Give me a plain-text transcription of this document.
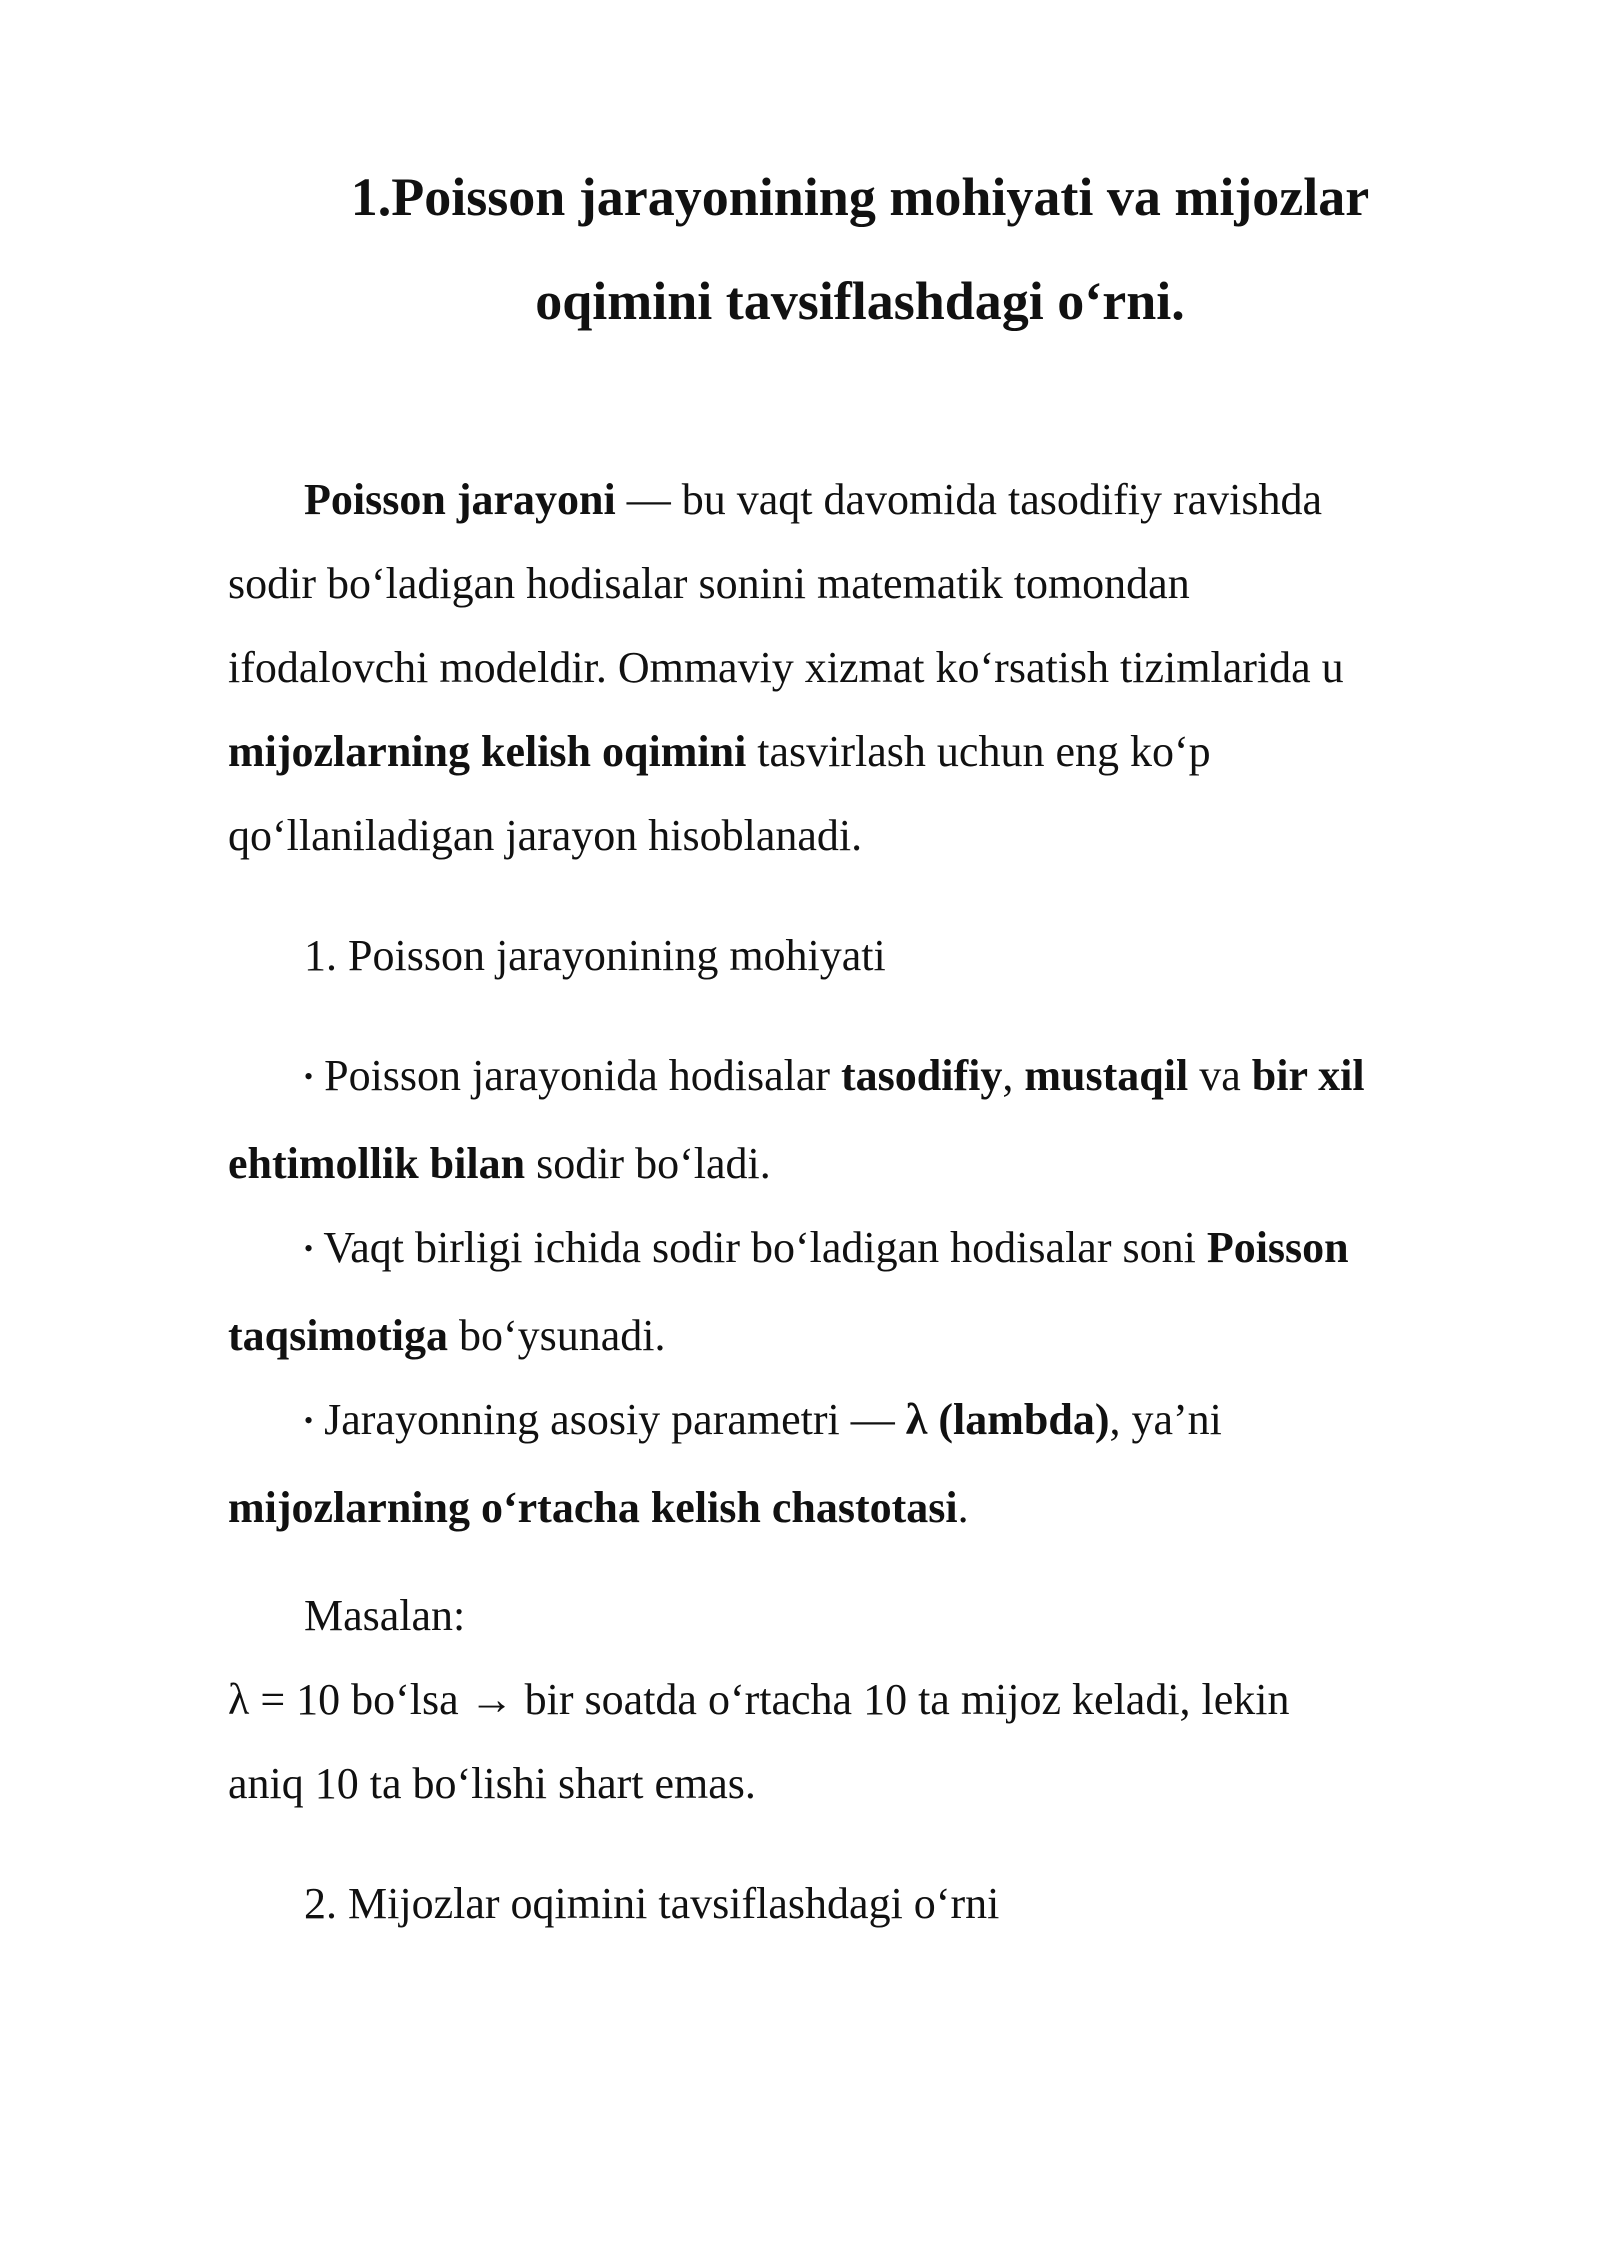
1.Poisson jarayonining mohiyati va mijozlar
oqimini tavsiflashdagi o‘rni.
Poisson jarayoni — bu vaqt davomida tasodifiy ravishda
sodir bo‘ladigan hodisalar sonini matematik tomondan
ifodalovchi modeldir. Ommaviy xizmat ko‘rsatish tizimlarida u
mijozlarning kelish oqimini tasvirlash uchun eng ko‘p
qo‘llaniladigan jarayon hisoblanadi.
1. Poisson jarayonining mohiyati
• Poisson jarayonida hodisalar tasodifiy, mustaqil va bir xil
ehtimollik bilan sodir bo‘ladi.
• Vaqt birligi ichida sodir bo‘ladigan hodisalar soni Poisson
taqsimotiga bo‘ysunadi.
• Jarayonning asosiy parametri — λ (lambda), ya’ni
mijozlarning o‘rtacha kelish chastotasi.
Masalan:
λ = 10 bo‘lsa → bir soatda o‘rtacha 10 ta mijoz keladi, lekin
aniq 10 ta bo‘lishi shart emas.
2. Mijozlar oqimini tavsiflashdagi o‘rni
